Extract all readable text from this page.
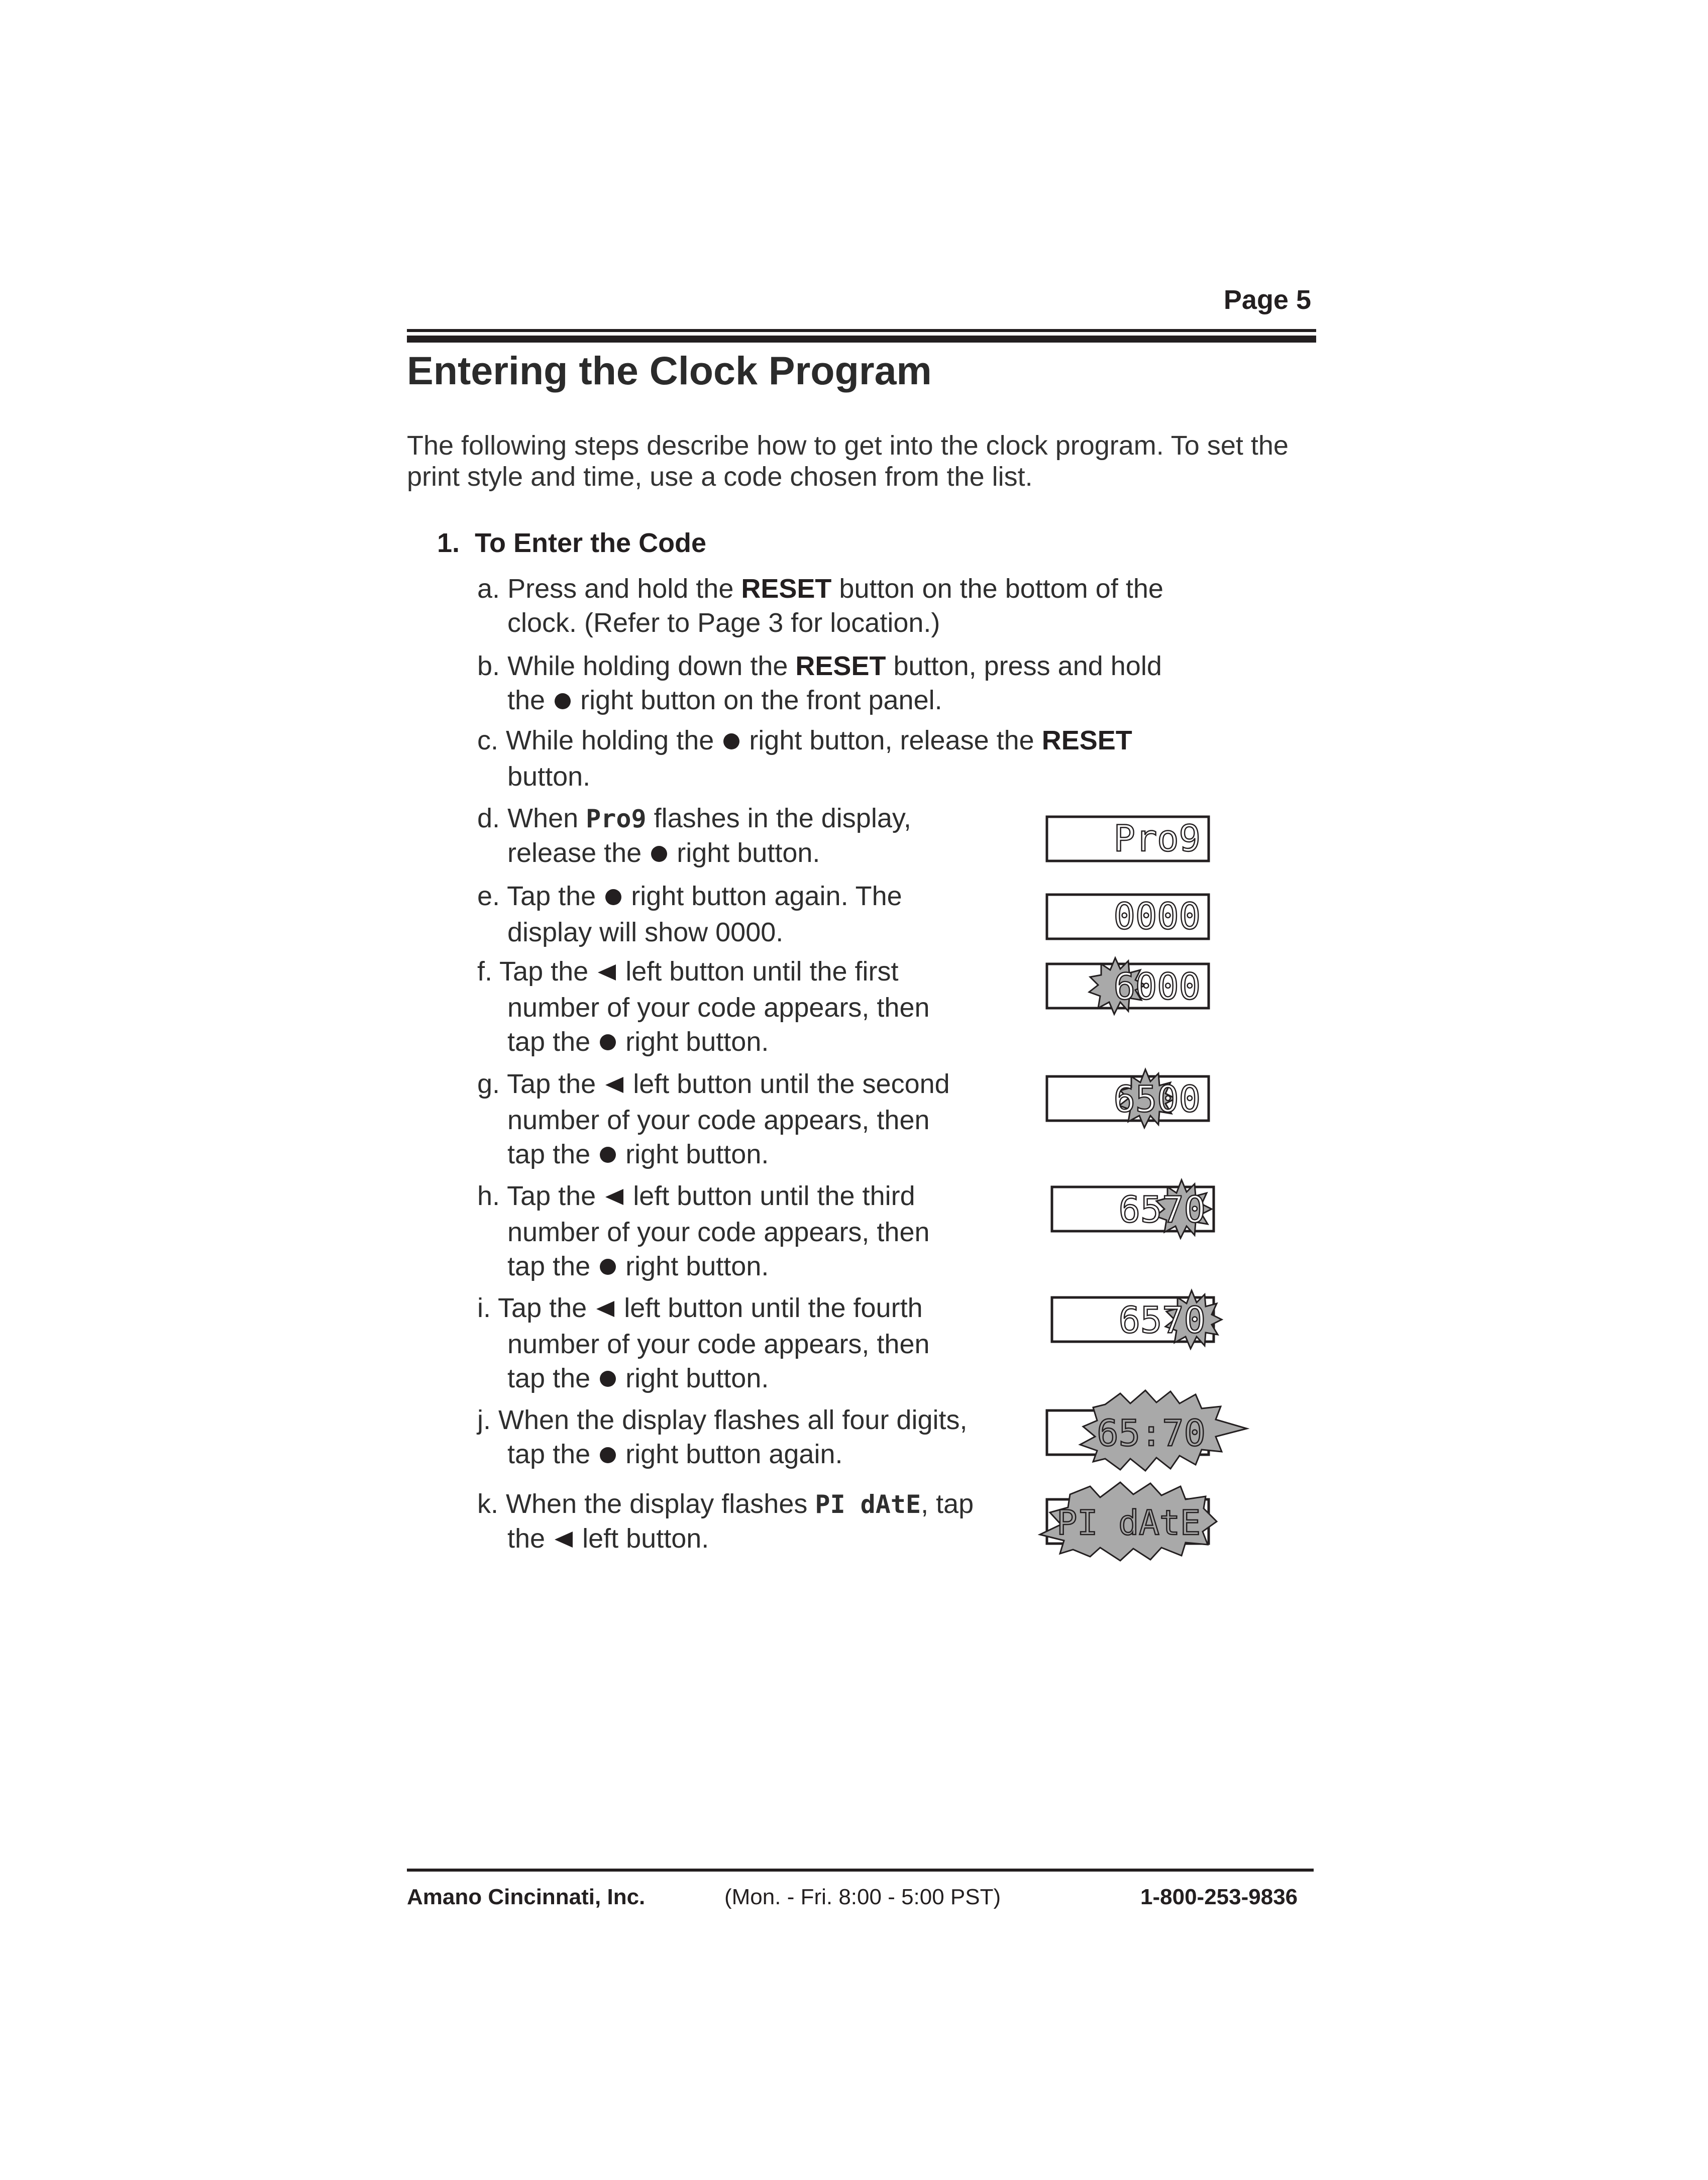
Page 5
Entering the Clock Program
The following steps describe how to get into the clock program. To set the print style and time, use a code chosen from the list.
1. To Enter the Code
a. Press and hold the RESET button on the bottom of the
clock. (Refer to Page 3 for location.)
b. While holding down the RESET button, press and hold
the right button on the front panel.
c. While holding the right button, release the RESET
button.
d. When Pro9 flashes in the display,
release the right button.
e. Tap the right button again. The
display will show 0000.
f. Tap the left button until the first
number of your code appears, then
tap the right button.
g. Tap the left button until the second
number of your code appears, then
tap the right button.
h. Tap the left button until the third
number of your code appears, then
tap the right button.
i. Tap the left button until the fourth
number of your code appears, then
tap the right button.
j. When the display flashes all four digits,
tap the right button again.
k. When the display flashes PI dAtE, tap
the left button.
Pro9
0000
6000
6500
6570
6570
65:70
PI dAtE
Amano Cincinnati, Inc.	(Mon. - Fri. 8:00 - 5:00 PST)	1-800-253-9836
